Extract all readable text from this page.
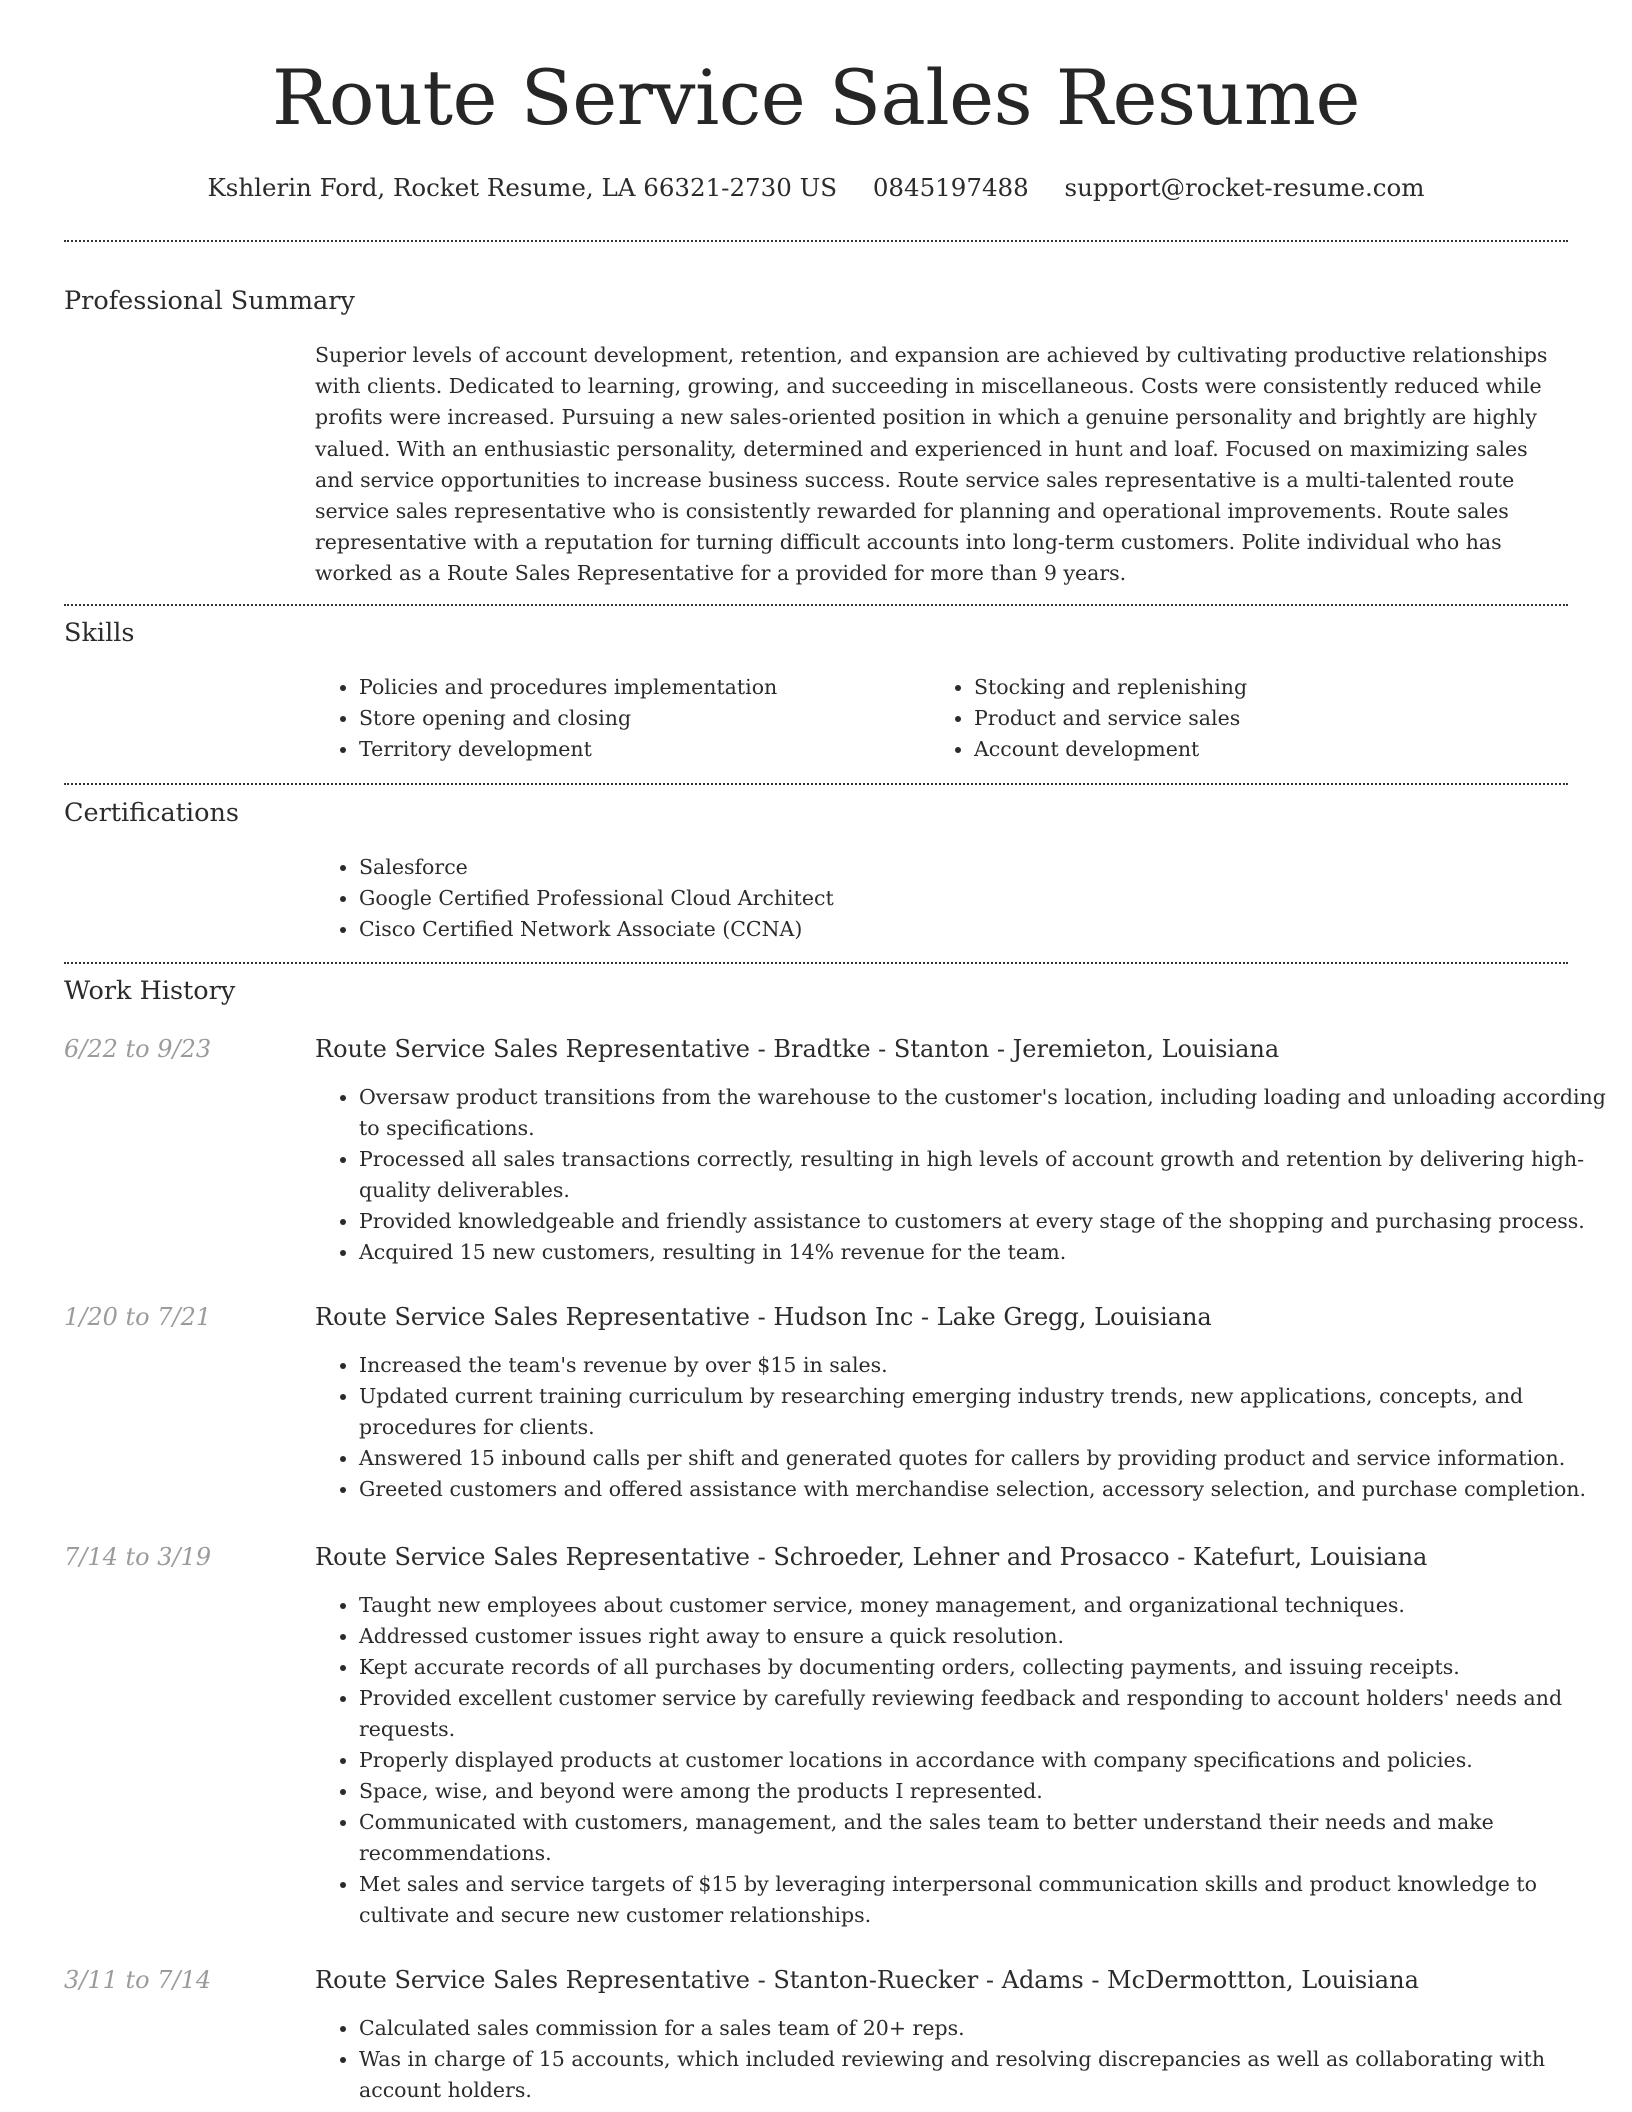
Route Service Sales Resume
Kshlerin Ford, Rocket Resume, LA 66321-2730 US 0845197488 support@rocket-resume.com
Professional Summary

Superior levels of account development, retention, and expansion are achieved by cultivating productive relationships with clients. Dedicated to learning, growing, and succeeding in miscellaneous. Costs were consistently reduced while profits were increased. Pursuing a new sales-oriented position in which a genuine personality and brightly are highly valued. With an enthusiastic personality, determined and experienced in hunt and loaf. Focused on maximizing sales and service opportunities to increase business success. Route service sales representative is a multi-talented route service sales representative who is consistently rewarded for planning and operational improvements. Route sales representative with a reputation for turning difficult accounts into long-term customers. Polite individual who has worked as a Route Sales Representative for a provided for more than 9 years.

Skills
• Policies and procedures implementation
• Store opening and closing
• Territory development
• Stocking and replenishing
• Product and service sales
• Account development
Certifications
• Salesforce
• Google Certified Professional Cloud Architect
• Cisco Certified Network Associate (CCNA)
Work History
6/22 to 9/23	Route Service Sales Representative - Bradtke - Stanton - Jeremieton, Louisiana
• Oversaw product transitions from the warehouse to the customer's location, including loading and unloading according to specifications.
• Processed all sales transactions correctly, resulting in high levels of account growth and retention by delivering high-quality deliverables.
• Provided knowledgeable and friendly assistance to customers at every stage of the shopping and purchasing process.
• Acquired 15 new customers, resulting in 14% revenue for the team.
1/20 to 7/21	Route Service Sales Representative - Hudson Inc - Lake Gregg, Louisiana
• Increased the team's revenue by over $15 in sales.
• Updated current training curriculum by researching emerging industry trends, new applications, concepts, and procedures for clients.
• Answered 15 inbound calls per shift and generated quotes for callers by providing product and service information.
• Greeted customers and offered assistance with merchandise selection, accessory selection, and purchase completion.
7/14 to 3/19	Route Service Sales Representative - Schroeder, Lehner and Prosacco - Katefurt, Louisiana
• Taught new employees about customer service, money management, and organizational techniques.
• Addressed customer issues right away to ensure a quick resolution.
• Kept accurate records of all purchases by documenting orders, collecting payments, and issuing receipts.
• Provided excellent customer service by carefully reviewing feedback and responding to account holders' needs and requests.
• Properly displayed products at customer locations in accordance with company specifications and policies.
• Space, wise, and beyond were among the products I represented.
• Communicated with customers, management, and the sales team to better understand their needs and make recommendations.
• Met sales and service targets of $15 by leveraging interpersonal communication skills and product knowledge to cultivate and secure new customer relationships.
3/11 to 7/14	Route Service Sales Representative - Stanton-Ruecker - Adams - McDermottton, Louisiana
• Calculated sales commission for a sales team of 20+ reps.
• Was in charge of 15 accounts, which included reviewing and resolving discrepancies as well as collaborating with account holders.
